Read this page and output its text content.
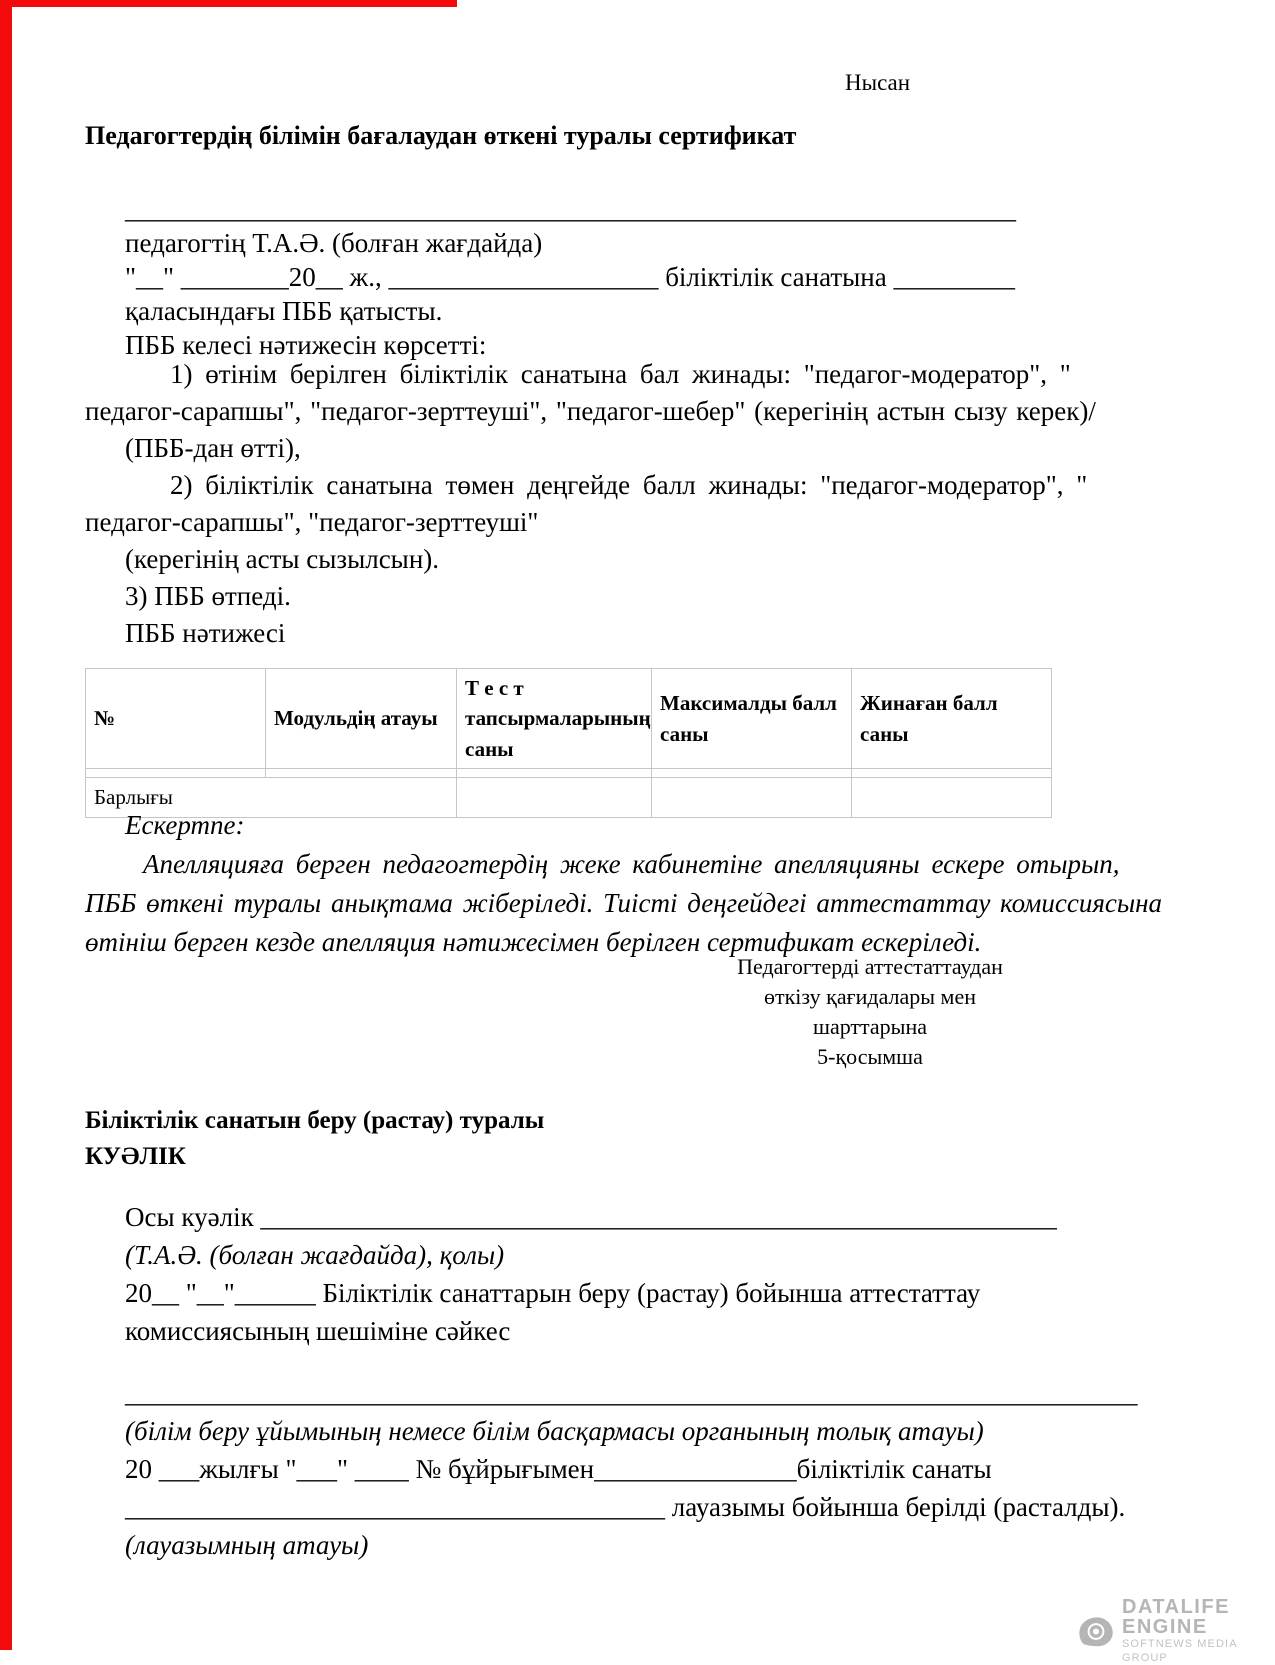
Нысан
Педагогтердің білімін бағалаудан өткені туралы сертификат
__________________________________________________________________
педагогтің Т.А.Ә. (болған жағдайда)
"__" ________20__ ж., ____________________ біліктілік санатына _________
қаласындағы ПББ қатысты.
ПББ келесі нәтижесін көрсетті:
1) өтінім берілген біліктілік санатына бал жинады: "педагог-модератор", "
педагог-сарапшы", "педагог-зерттеуші", "педагог-шебер" (керегінің астын сызу керек)/
(ПББ-дан өтті),
2) біліктілік санатына төмен деңгейде балл жинады: "педагог-модератор", "
педагог-сарапшы", "педагог-зерттеуші"
(керегінің асты сызылсын).
3) ПББ өтпеді.
ПББ нәтижесі
№	Модульдің атауы	Т е с т тапсырмаларының саны	Максималды балл саны	Жинаған балл саны

Барлығы				
Ескертпе:
Апелляцияға берген педагогтердің жеке кабинетіне апелляцияны ескере отырып,
ПББ өткені туралы анықтама жіберіледі. Тиісті деңгейдегі аттестаттау комиссиясына
өтініш берген кезде апелляция нәтижесімен берілген сертификат ескеріледі.
Педагогтерді аттестаттаудан
өткізу қағидалары мен
шарттарына
5-қосымша
Біліктілік санатын беру (растау) туралы
КУӘЛІК
Осы куәлік ___________________________________________________________
(Т.А.Ә. (болған жағдайда), қолы)
20__ "__"______ Біліктілік санаттарын беру (растау) бойынша аттестаттау
комиссиясының шешіміне сәйкес
___________________________________________________________________________
(білім беру ұйымының немесе білім басқармасы органының толық атауы)
20 ___жылғы "___" ____ № бұйрығымен_______________біліктілік санаты
________________________________________ лауазымы бойынша берілді (расталды).
(лауазымның атауы)
DATALIFE ENGINE
SOFTNEWS MEDIA GROUP
